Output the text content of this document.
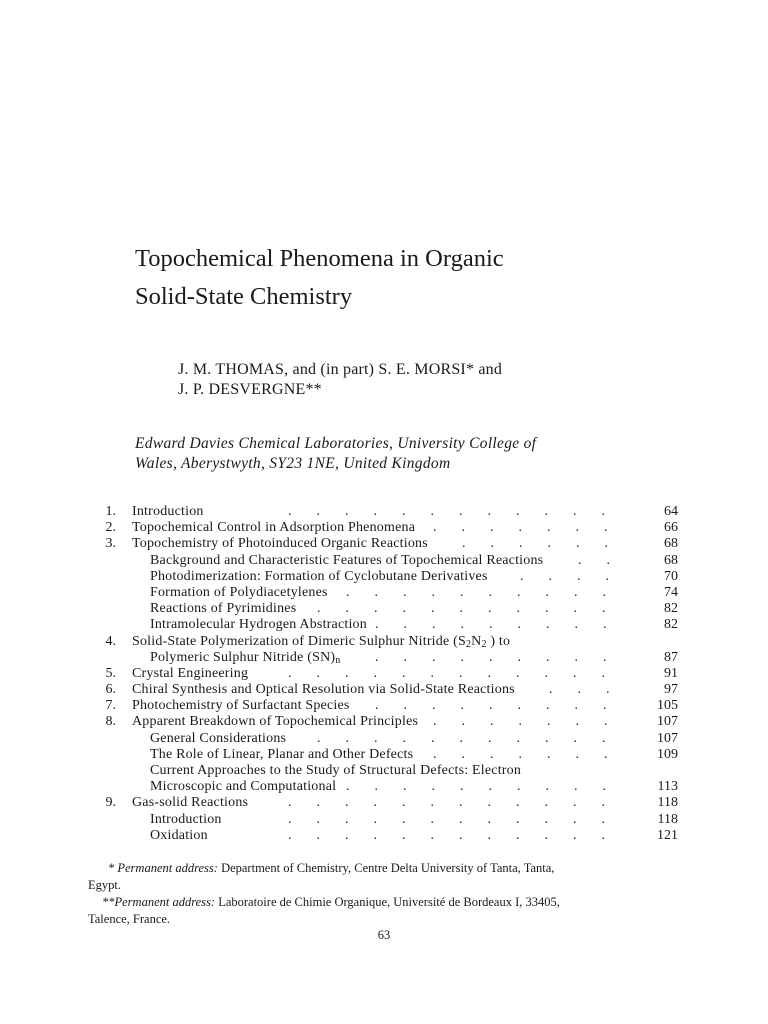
Topochemical Phenomena in Organic
Solid-State Chemistry
J. M. THOMAS, and (in part) S. E. MORSI* and
J. P. DESVERGNE**
Edward Davies Chemical Laboratories, University College of
Wales, Aberystwyth, SY23 1NE, United Kingdom
1. Introduction	64
............
2. Topochemical Control in Adsorption Phenomena	66
.......
3. Topochemistry of Photoinduced Organic Reactions	68
......
Background and Characteristic Features of Topochemical Reactions	68
..
Photodimerization: Formation of Cyclobutane Derivatives	70
....
Formation of Polydiacetylenes	74
..........
Reactions of Pyrimidines	82
...........
Intramolecular Hydrogen Abstraction	82
.........
4. Solid-State Polymerization of Dimeric Sulphur Nitride ($S_2N_2$ ) to
Polymeric Sulphur Nitride $(SN)_n$	87
.........
5. Crystal Engineering	91
............
6. Chiral Synthesis and Optical Resolution via Solid-State Reactions	97
...
7. Photochemistry of Surfactant Species	105
.........
8. Apparent Breakdown of Topochemical Principles	107
.......
General Considerations	107
...........
The Role of Linear, Planar and Other Defects	109
.......
Current Approaches to the Study of Structural Defects: Electron
Microscopic and Computational	113
..........
9. Gas-solid Reactions	118
............
Introduction	118
............
Oxidation	121
............
* Permanent address: Department of Chemistry, Centre Delta University of Tanta, Tanta,
Egypt.
**Permanent address: Laboratoire de Chimie Organique, Université de Bordeaux I, 33405,
Talence, France.
63
